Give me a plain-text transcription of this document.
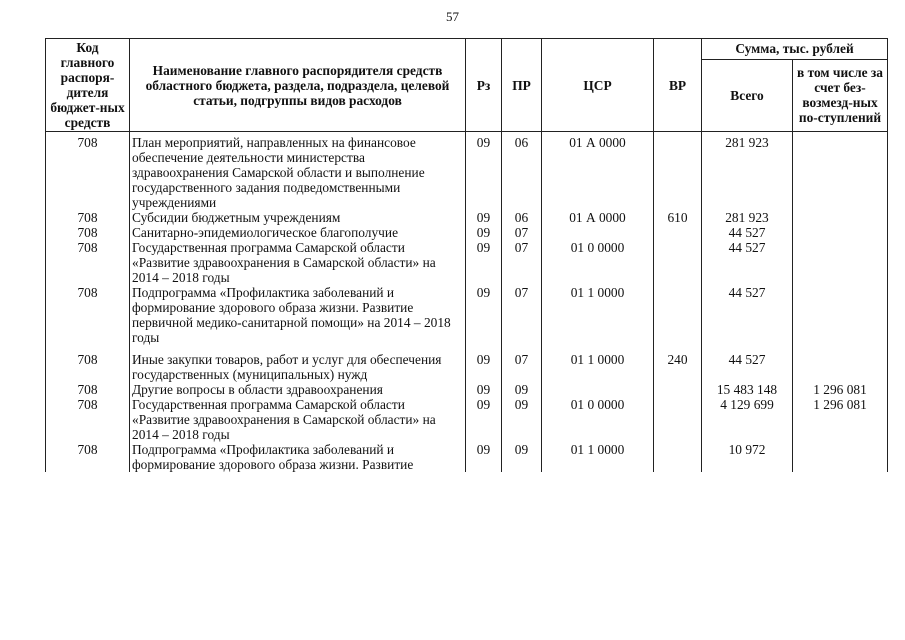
57
Код главного распоря-дителя бюджет-ных средств	Наименование главного распорядителя средств областного бюджета, раздела, подраздела, целевой статьи, подгруппы видов расходов	Рз	ПР	ЦСР	ВР	Сумма, тыс. рублей	
						Всего	в том числе за счет без-возмезд-ных по-ступлений
708	План мероприятий, направленных на финансовое обеспечение деятельности министерства здравоохранения Самарской области и выполнение государственного задания подведомственными учреждениями	09	06	01 А 0000		281 923	
708	Субсидии бюджетным учреждениям	09	06	01 А 0000	610	281 923	
708	Санитарно-эпидемиологическое благополучие	09	07			44 527	
708	Государственная программа Самарской области «Развитие здравоохранения в Самарской области» на 2014 – 2018 годы	09	07	01 0 0000		44 527	
708	Подпрограмма «Профилактика заболеваний и формирование здорового образа жизни. Развитие первичной медико-санитарной помощи» на 2014 – 2018 годы	09	07	01 1 0000		44 527	
708	Иные закупки товаров, работ и услуг для обеспечения государственных (муниципальных) нужд	09	07	01 1 0000	240	44 527	
708	Другие вопросы в области здравоохранения	09	09			15 483 148	1 296 081
708	Государственная программа Самарской области «Развитие здравоохранения в Самарской области» на 2014 – 2018 годы	09	09	01 0 0000		4 129 699	1 296 081
708	Подпрограмма «Профилактика заболеваний и формирование здорового образа жизни. Развитие	09	09	01 1 0000		10 972	
